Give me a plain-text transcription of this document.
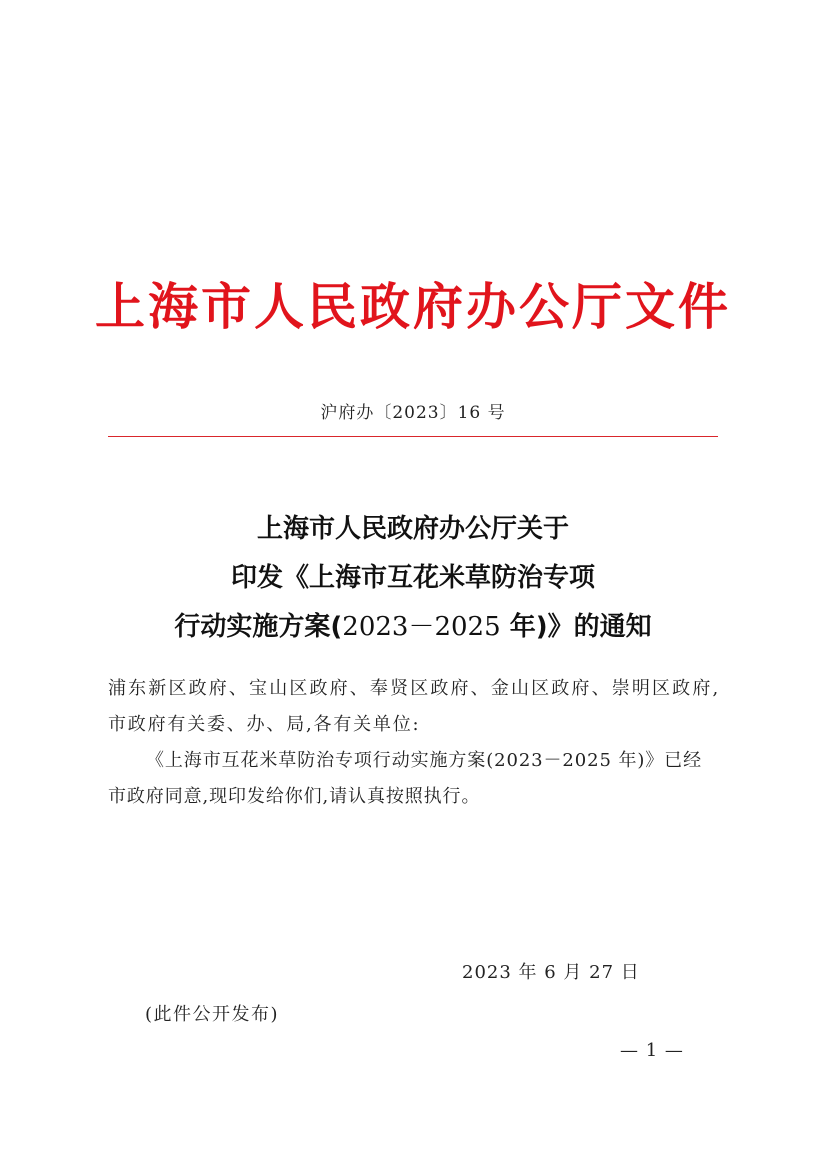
上海市人民政府办公厅文件
沪府办〔2023〕16 号
上海市人民政府办公厅关于
印发《上海市互花米草防治专项
行动实施方案(2023－2025 年)》的通知

浦东新区政府、宝山区政府、奉贤区政府、金山区政府、崇明区政府,市政府有关委、办、局,各有关单位:

《上海市互花米草防治专项行动实施方案(2023－2025 年)》已经市政府同意,现印发给你们,请认真按照执行。

2023 年 6 月 27 日
(此件公开发布)
— 1 —
